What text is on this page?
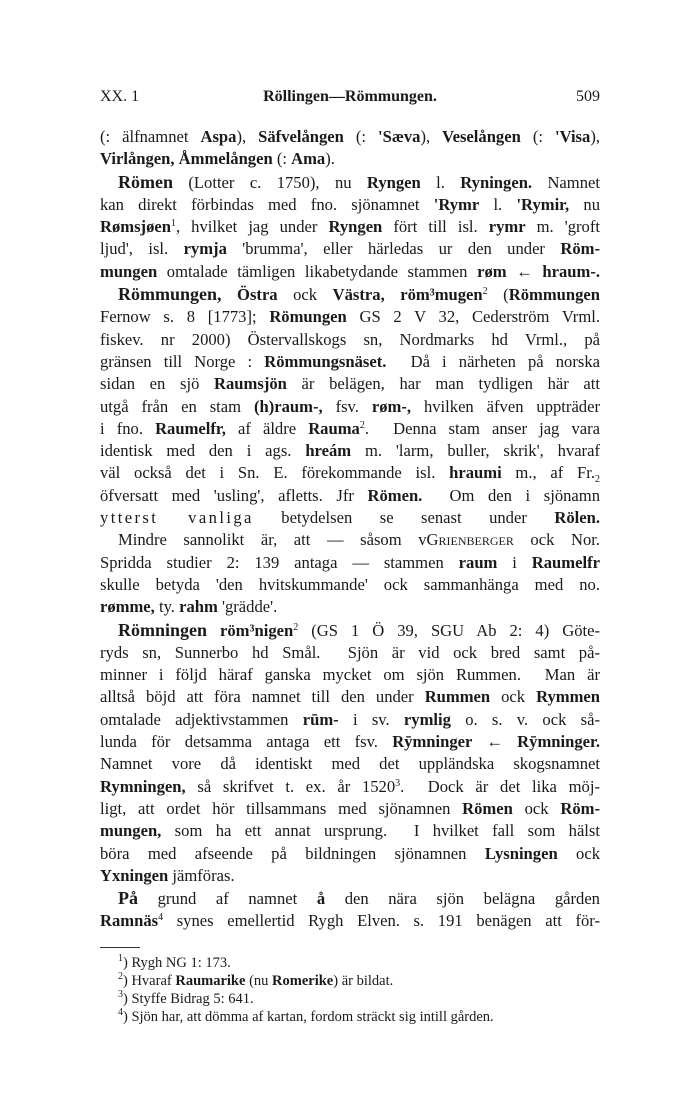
XX. 1	Röllingen—Römmungen.	509
(: älfnamnet Aspa), Säfvelången (: 'Sæva), Veselången (: 'Visa),
Virlången, Åmmelången (: Ama).
Römen (Lotter c. 1750), nu Ryngen l. Ryningen. Namnet
kan direkt förbindas med fno. sjönamnet 'Rymr l. 'Rymir, nu
Rømsjøen$^1$, hvilket jag under Ryngen fört till isl. rymr m. 'groft
ljud', isl. rymja 'brumma', eller härledas ur den under Röm-
mungen omtalade tämligen likabetydande stammen røm ← hraum-.
Römmungen, Östra ock Västra, röm³mugen$^2$ (Römmungen
Fernow s. 8 [1773]; Römungen GS 2 V 32, Cederström Vrml.
fiskev. nr 2000) Östervallskogs sn, Nordmarks hd Vrml., på
gränsen till Norge : Römmungsnäset.  Då i närheten på norska
sidan en sjö Raumsjön är belägen, har man tydligen här att
utgå från en stam (h)raum-, fsv. røm-, hvilken äfven uppträder
i fno. Raumelfr, af äldre Rauma$^2$.  Denna stam anser jag vara
identisk med den i ags. hreám m. 'larm, buller, skrik', hvaraf
väl också det i Sn. E. förekommande isl. hraumi m., af $Fr._2$
öfversatt med 'usling', afletts. Jfr Römen.  Om den i sjönamn
ytterst vanliga betydelsen se senast under Rölen.
Mindre sannolikt är, att — såsom vGrienberger ock Nor.
Spridda studier 2: 139 antaga — stammen raum i Raumelfr
skulle betyda 'den hvitskummande' ock sammanhänga med no.
rømme, ty. rahm 'grädde'.
Römningen röm³nigen$^2$ (GS 1 Ö 39, SGU Ab 2: 4) Göte-
ryds sn, Sunnerbo hd Smål.  Sjön är vid ock bred samt på-
minner i följd häraf ganska mycket om sjön Rummen.  Man är
alltså böjd att föra namnet till den under Rummen ock Rymmen
omtalade adjektivstammen rūm- i sv. rymlig o. s. v. ock så-
lunda för detsamma antaga ett fsv. Rȳmninger ← Rȳmninger.
Namnet vore då identiskt med det uppländska skogsnamnet
Rymningen, så skrifvet t. ex. år 1520$^3$.  Dock är det lika möj-
ligt, att ordet hör tillsammans med sjönamnen Römen ock Röm-
mungen, som ha ett annat ursprung.  I hvilket fall som hälst
böra med afseende på bildningen sjönamnen Lysningen ock
Yxningen jämföras.
På grund af namnet å den nära sjön belägna gården
Ramnäs$^4$ synes emellertid Rygh Elven. s. 191 benägen att för-
$^1$) Rygh NG 1: 173.
$^2$) Hvaraf Raumarike (nu Romerike) är bildat.
$^3$) Styffe Bidrag 5: 641.
$^4$) Sjön har, att dömma af kartan, fordom sträckt sig intill gården.
